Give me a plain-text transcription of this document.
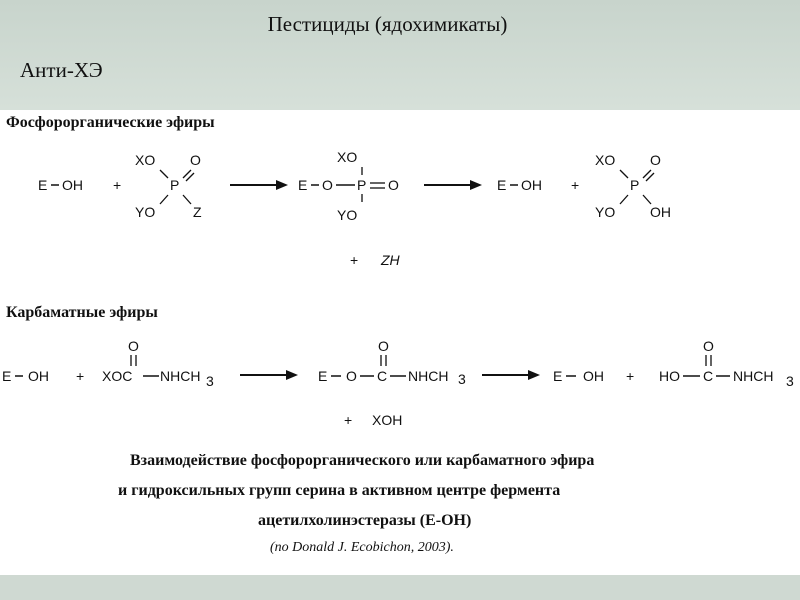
Пестициды (ядохимикаты)
Анти-ХЭ
Фосфорорганические эфиры
Карбаматные эфиры
E OH +
XO O
P
YO	Z
E O P O
XO
YO
E OH +
XO O
P
YO OH
+ ZH
E OH +
O
XOC NHCH 3	E O C
O
NHCH 3	E OH + HO C
O
NHCH 3
+ XOH
Взаимодействие фосфорорганического или карбаматного эфира
и гидроксильных групп серина в активном центре фермента
ацетилхолинэстеразы (Е-ОН)
(по Donald J. Ecobichon, 2003).
